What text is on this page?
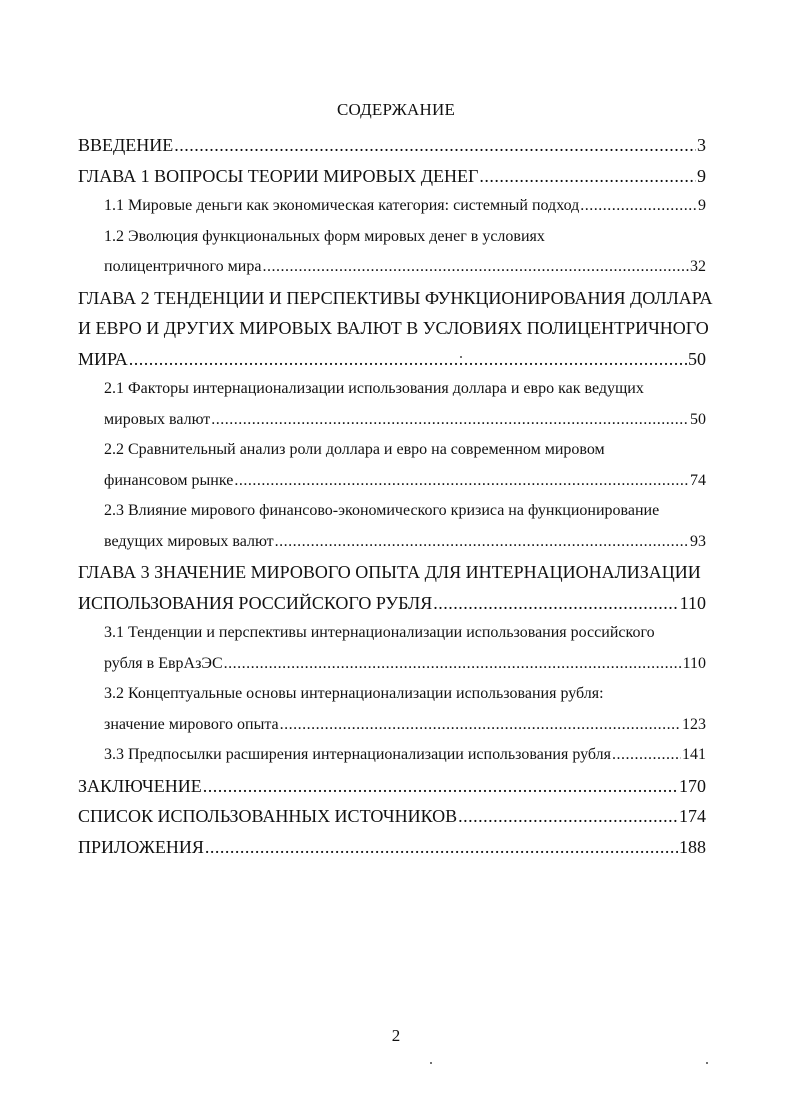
СОДЕРЖАНИЕ
ВВЕДЕНИЕ .....	3
ГЛАВА 1 ВОПРОСЫ ТЕОРИИ МИРОВЫХ ДЕНЕГ .....	9
1.1 Мировые деньги как экономическая категория: системный подход .....	9
1.2 Эволюция функциональных форм мировых денег в условиях
полицентричного мира .....	32
ГЛАВА 2 ТЕНДЕНЦИИ И ПЕРСПЕКТИВЫ ФУНКЦИОНИРОВАНИЯ ДОЛЛАРА
И ЕВРО И ДРУГИХ МИРОВЫХ ВАЛЮТ В УСЛОВИЯХ ПОЛИЦЕНТРИЧНОГО
МИРА .....	50
2.1 Факторы интернационализации использования доллара и евро как ведущих
мировых валют .....	50
2.2 Сравнительный анализ роли доллара и евро на современном мировом
финансовом рынке .....	74
2.3 Влияние мирового финансово-экономического кризиса на функционирование
ведущих мировых валют .....	93
ГЛАВА 3 ЗНАЧЕНИЕ МИРОВОГО ОПЫТА ДЛЯ ИНТЕРНАЦИОНАЛИЗАЦИИ
ИСПОЛЬЗОВАНИЯ РОССИЙСКОГО РУБЛЯ .....	110
3.1 Тенденции и перспективы интернационализации использования российского
рубля в ЕврАзЭС .....	110
3.2 Концептуальные основы интернационализации использования рубля:
значение мирового опыта .....	123
3.3 Предпосылки расширения интернационализации использования рубля .....	141
ЗАКЛЮЧЕНИЕ .....	170
СПИСОК ИСПОЛЬЗОВАННЫХ ИСТОЧНИКОВ .....	174
ПРИЛОЖЕНИЯ .....	188
2
